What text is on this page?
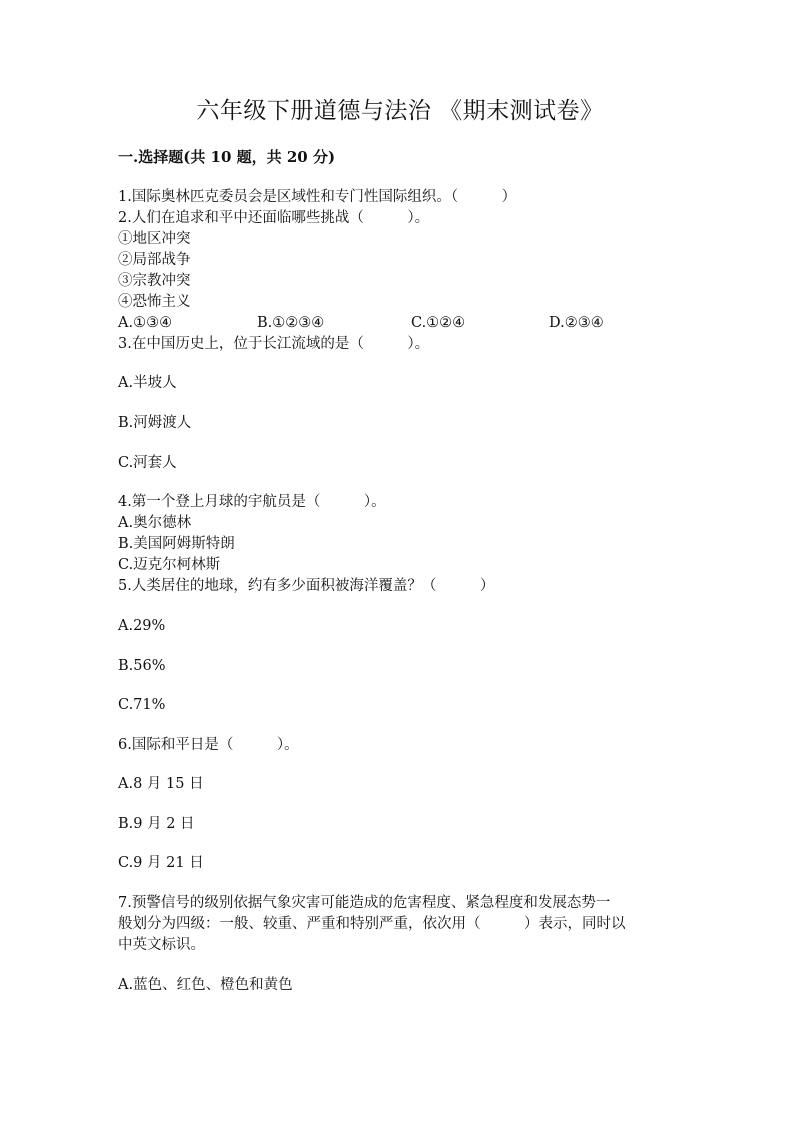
六年级下册道德与法治 《期末测试卷》
一.选择题(共 10 题，共 20 分)
1.国际奥林匹克委员会是区域性和专门性国际组织。（　　　）
2.人们在追求和平中还面临哪些挑战（　　　）。
①地区冲突
②局部战争
③宗教冲突
④恐怖主义
A.①③④	B.①②③④	C.①②④	D.②③④
3.在中国历史上，位于长江流域的是（　　　）。
A.半坡人
B.河姆渡人
C.河套人
4.第一个登上月球的宇航员是（　　　）。
A.奥尔德林
B.美国阿姆斯特朗
C.迈克尔柯林斯
5.人类居住的地球，约有多少面积被海洋覆盖？（　　　）
A.29%
B.56%
C.71%
6.国际和平日是（　　　）。
A.8 月 15 日
B.9 月 2 日
C.9 月 21 日
7.预警信号的级别依据气象灾害可能造成的危害程度、紧急程度和发展态势一
般划分为四级：一般、较重、严重和特别严重，依次用（　　　）表示，同时以
中英文标识。
A.蓝色、红色、橙色和黄色
